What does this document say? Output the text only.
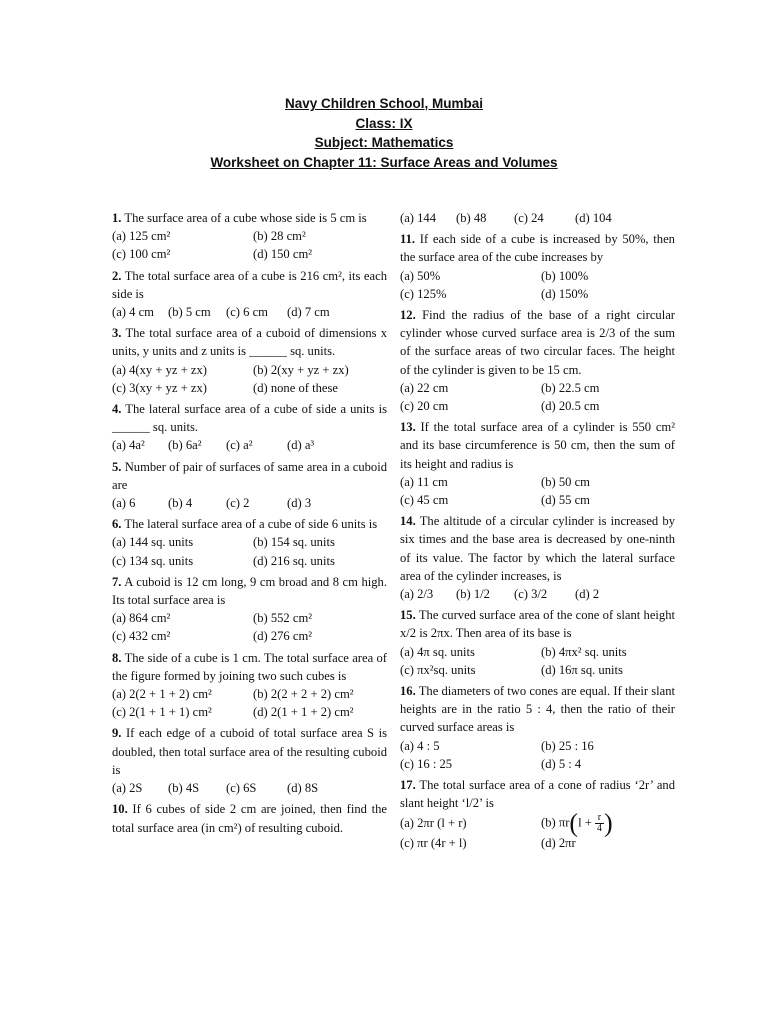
Navy Children School, Mumbai
Class: IX
Subject: Mathematics
Worksheet on Chapter 11: Surface Areas and Volumes

1. The surface area of a cube whose side is 5 cm is

(a) 125 cm²	(b) 28 cm²
(c) 100 cm²	(d) 150 cm²

2. The total surface area of a cube is 216 cm², its each side is

(a) 4 cm	(b) 5 cm	(c) 6 cm	(d) 7 cm

3. The total surface area of a cuboid of dimensions x units, y units and z units is ______ sq. units.

(a) 4(xy + yz + zx)	(b) 2(xy + yz + zx)
(c) 3(xy + yz + zx)	(d) none of these

4. The lateral surface area of a cube of side a units is ______ sq. units.

(a) 4a²	(b) 6a²	(c) a²	(d) a³

5. Number of pair of surfaces of same area in a cuboid are

(a) 6	(b) 4	(c) 2	(d) 3

6. The lateral surface area of a cube of side 6 units is

(a) 144 sq. units	(b) 154 sq. units
(c) 134 sq. units	(d) 216 sq. units

7. A cuboid is 12 cm long, 9 cm broad and 8 cm high. Its total surface area is

(a) 864 cm²	(b) 552 cm²
(c) 432 cm²	(d) 276 cm²

8. The side of a cube is 1 cm. The total surface area of the figure formed by joining two such cubes is

(a) 2(2 + 1 + 2) cm²	(b) 2(2 + 2 + 2) cm²
(c) 2(1 + 1 + 1) cm²	(d) 2(1 + 1 + 2) cm²

9. If each edge of a cuboid of total surface area S is doubled, then total surface area of the resulting cuboid is

(a) 2S	(b) 4S	(c) 6S	(d) 8S

10. If 6 cubes of side 2 cm are joined, then find the total surface area (in cm²) of resulting cuboid.

(a) 144	(b) 48	(c) 24	(d) 104

11. If each side of a cube is increased by 50%, then the surface area of the cube increases by

(a) 50%	(b) 100%
(c) 125%	(d) 150%

12. Find the radius of the base of a right circular cylinder whose curved surface area is 2/3 of the sum of the surface areas of two circular faces. The height of the cylinder is given to be 15 cm.

(a) 22 cm	(b) 22.5 cm
(c) 20 cm	(d) 20.5 cm

13. If the total surface area of a cylinder is 550 cm² and its base circumference is 50 cm, then the sum of its height and radius is

(a) 11 cm	(b) 50 cm
(c) 45 cm	(d) 55 cm

14. The altitude of a circular cylinder is increased by six times and the base area is decreased by one-ninth of its value. The factor by which the lateral surface area of the cylinder increases, is

(a) 2/3	(b) 1/2	(c) 3/2	(d) 2

15. The curved surface area of the cone of slant height x/2 is 2πx. Then area of its base is

(a) 4π sq. units	(b) 4πx² sq. units
(c) πx²sq. units	(d) 16π sq. units

16. The diameters of two cones are equal. If their slant heights are in the ratio 5 : 4, then the ratio of their curved surface areas is

(a) 4 : 5	(b) 25 : 16
(c) 16 : 25	(d) 5 : 4

17. The total surface area of a cone of radius ‘2r’ and slant height ‘l/2’ is

(a) 2πr (l + r)	(b) $\pi r(l + \frac{r}{4}$ )
(c) πr (4r + l)	(d) 2πr
